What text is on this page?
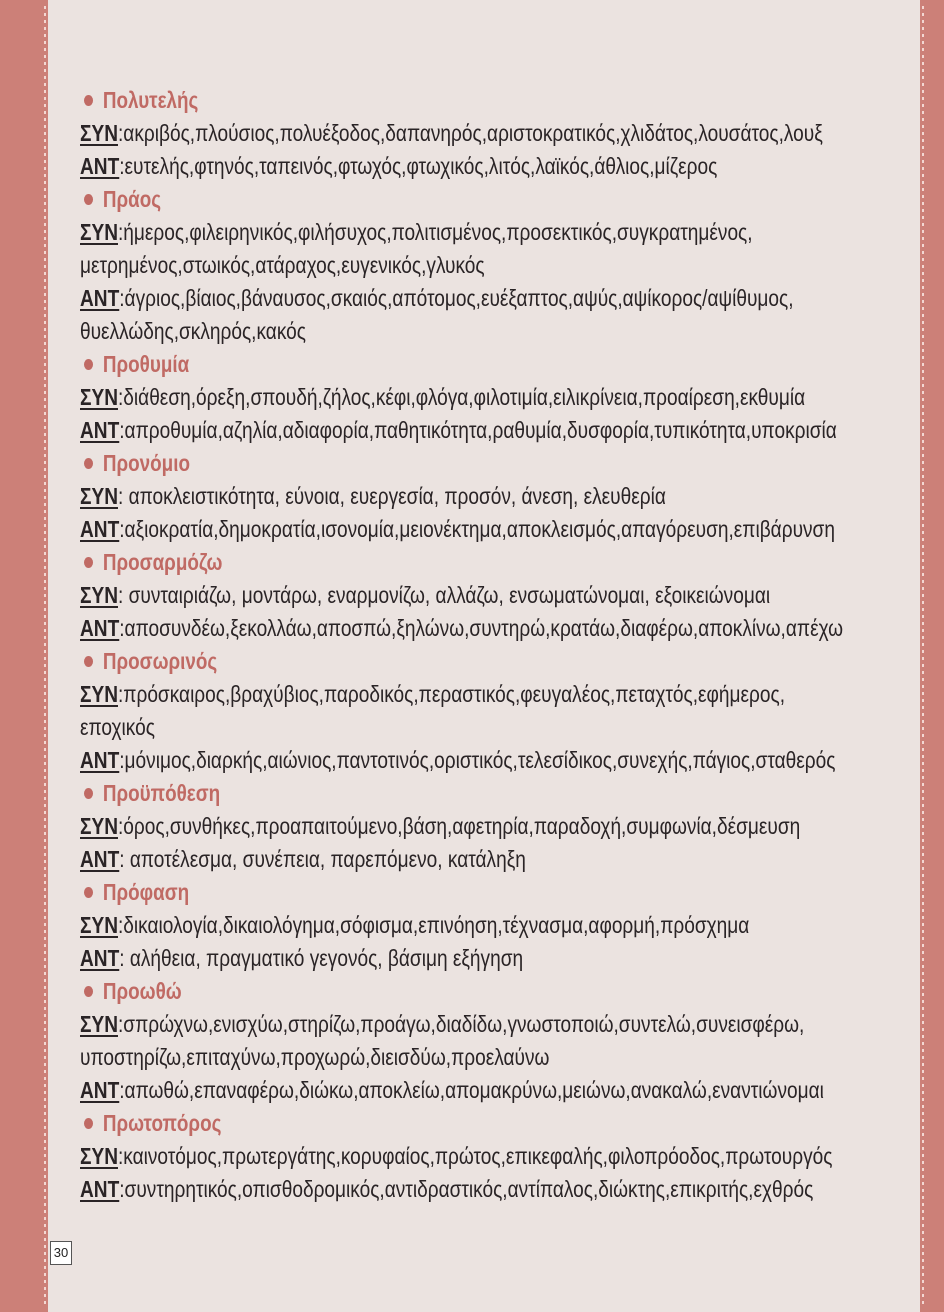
Πολυτελής
ΣΥΝ:ακριβός,πλούσιος,πολυέξοδος,δαπανηρός,αριστοκρατικός,χλιδάτος,λουσάτος,λουξ
ΑΝΤ:ευτελής,φτηνός,ταπεινός,φτωχός,φτωχικός,λιτός,λαϊκός,άθλιος,μίζερος
Πράος
ΣΥΝ:ήμερος,φιλειρηνικός,φιλήσυχος,πολιτισμένος,προσεκτικός,συγκρατημένος,
μετρημένος,στωικός,ατάραχος,ευγενικός,γλυκός
ΑΝΤ:άγριος,βίαιος,βάναυσος,σκαιός,απότομος,ευέξαπτος,αψύς,αψίκορος/αψίθυμος,
θυελλώδης,σκληρός,κακός
Προθυμία
ΣΥΝ:διάθεση,όρεξη,σπουδή,ζήλος,κέφι,φλόγα,φιλοτιμία,ειλικρίνεια,προαίρεση,εκθυμία
ΑΝΤ:απροθυμία,αζηλία,αδιαφορία,παθητικότητα,ραθυμία,δυσφορία,τυπικότητα,υποκρισία
Προνόμιο
ΣΥΝ: αποκλειστικότητα, εύνοια, ευεργεσία, προσόν, άνεση, ελευθερία
ΑΝΤ:αξιοκρατία,δημοκρατία,ισονομία,μειονέκτημα,αποκλεισμός,απαγόρευση,επιβάρυνση
Προσαρμόζω
ΣΥΝ: συνταιριάζω, μοντάρω, εναρμονίζω, αλλάζω, ενσωματώνομαι, εξοικειώνομαι
ΑΝΤ:αποσυνδέω,ξεκολλάω,αποσπώ,ξηλώνω,συντηρώ,κρατάω,διαφέρω,αποκλίνω,απέχω
Προσωρινός
ΣΥΝ:πρόσκαιρος,βραχύβιος,παροδικός,περαστικός,φευγαλέος,πεταχτός,εφήμερος,
εποχικός
ΑΝΤ:μόνιμος,διαρκής,αιώνιος,παντοτινός,οριστικός,τελεσίδικος,συνεχής,πάγιος,σταθερός
Προϋπόθεση
ΣΥΝ:όρος,συνθήκες,προαπαιτούμενο,βάση,αφετηρία,παραδοχή,συμφωνία,δέσμευση
ΑΝΤ: αποτέλεσμα, συνέπεια, παρεπόμενο, κατάληξη
Πρόφαση
ΣΥΝ:δικαιολογία,δικαιολόγημα,σόφισμα,επινόηση,τέχνασμα,αφορμή,πρόσχημα
ΑΝΤ: αλήθεια, πραγματικό γεγονός, βάσιμη εξήγηση
Προωθώ
ΣΥΝ:σπρώχνω,ενισχύω,στηρίζω,προάγω,διαδίδω,γνωστοποιώ,συντελώ,συνεισφέρω,
υποστηρίζω,επιταχύνω,προχωρώ,διεισδύω,προελαύνω
ΑΝΤ:απωθώ,επαναφέρω,διώκω,αποκλείω,απομακρύνω,μειώνω,ανακαλώ,εναντιώνομαι
Πρωτοπόρος
ΣΥΝ:καινοτόμος,πρωτεργάτης,κορυφαίος,πρώτος,επικεφαλής,φιλοπρόοδος,πρωτουργός
ΑΝΤ:συντηρητικός,οπισθοδρομικός,αντιδραστικός,αντίπαλος,διώκτης,επικριτής,εχθρός
30
